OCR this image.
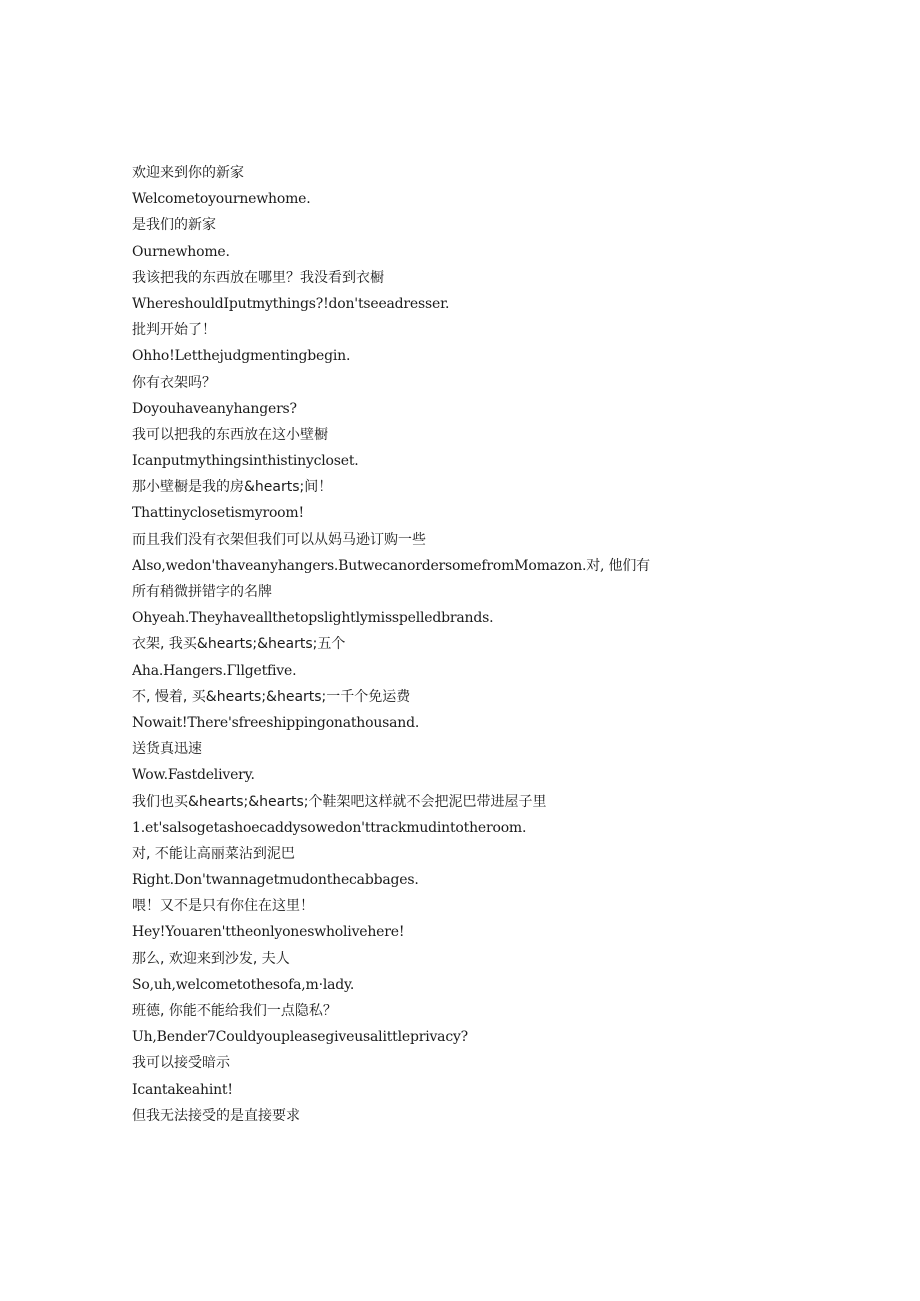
欢迎来到你的新家
Welcometoyournewhome.
是我们的新家
Ournewhome.
我该把我的东西放在哪里？我没看到衣橱
WhereshouldIputmythings?!don'tseeadresser.
批判开始了！
Ohho!Letthejudgmentingbegin.
你有衣架吗？
Doyouhaveanyhangers?
我可以把我的东西放在这小壁橱
Icanputmythingsinthistinycloset.
那小壁橱是我的房&hearts;间！
Thattinyclosetismyroom!
而且我们没有衣架但我们可以从妈马逊订购一些
Also,wedon'thaveanyhangers.ButwecanordersomefromMomazon.对, 他们有
所有稍微拼错字的名牌
Ohyeah.Theyhaveallthetopslightlymisspelledbrands.
衣架, 我买&hearts;&hearts;五个
Aha.Hangers.Γllgetfive.
不, 慢着, 买&hearts;&hearts;一千个免运费
Nowait!There'sfreeshippingonathousand.
送货真迅速
Wow.Fastdelivery.
我们也买&hearts;&hearts;个鞋架吧这样就不会把泥巴带进屋子里
1.et'salsogetashoecaddysowedon'ttrackmudintotheroom.
对, 不能让高丽菜沾到泥巴
Right.Don'twannagetmudonthecabbages.
喂！又不是只有你住在这里！
Hey!Youaren'ttheonlyoneswholivehere!
那么, 欢迎来到沙发, 夫人
So,uh,welcometothesofa,m·lady.
班德, 你能不能给我们一点隐私？
Uh,Bender7Couldyoupleasegiveusalittleprivacy?
我可以接受暗示
Icantakeahint!
但我无法接受的是直接要求
